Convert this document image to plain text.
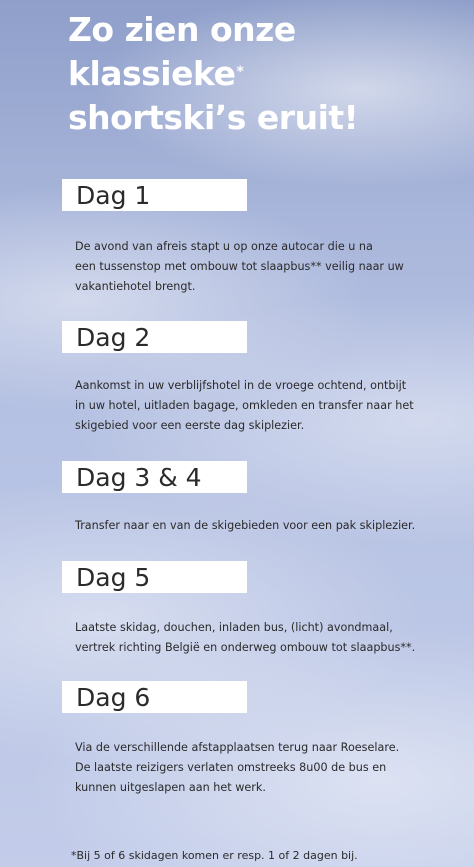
Zo zien onze
klassieke*
shortski’s eruit!
Dag 1

De avond van afreis stapt u op onze autocar die u na
een tussenstop met ombouw tot slaapbus** veilig naar uw
vakantiehotel brengt.

Dag 2

Aankomst in uw verblijfshotel in de vroege ochtend, ontbijt
in uw hotel, uitladen bagage, omkleden en transfer naar het
skigebied voor een eerste dag skiplezier.

Dag 3 & 4

Transfer naar en van de skigebieden voor een pak skiplezier.

Dag 5

Laatste skidag, douchen, inladen bus, (licht) avondmaal,
vertrek richting België en onderweg ombouw tot slaapbus**.

Dag 6

Via de verschillende afstapplaatsen terug naar Roeselare.
De laatste reizigers verlaten omstreeks 8u00 de bus en
kunnen uitgeslapen aan het werk.

*Bij 5 of 6 skidagen komen er resp. 1 of 2 dagen bij.
